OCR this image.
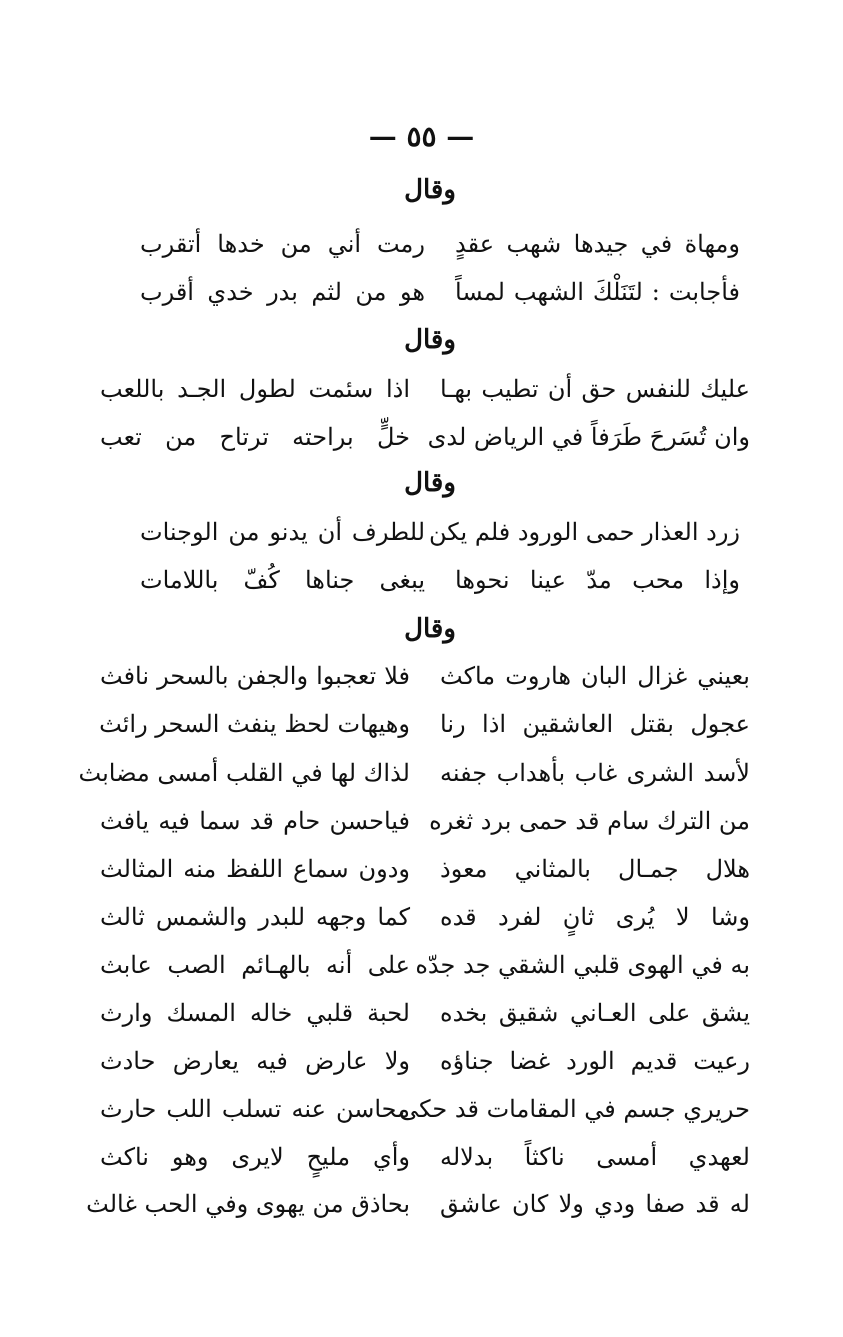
— ٥٥ —
وقال
ومهاة في جيدها شهب عقدٍ
رمت أني من خدها أتقرب
فأجابت : لتَنَلْكَ الشهب لمساً
هو من لثم بدر خدي أقرب
وقال
عليك للنفس حق أن تطيب بهـا
اذا سئمت لطول الجـد باللعب
وان تُسَرحَ طَرَفاً في الرياض لدى
خلٍّ براحته ترتاح من تعب
وقال
زرد العذار حمى الورود فلم يكن
للطرف أن يدنو من الوجنات
وإذا محب مدّ عينا نحوها
يبغى جناها كُفّ باللامات
وقال
بعيني غزال البان هاروت ماكث
فلا تعجبوا والجفن بالسحر نافث
عجول بقتل العاشقين اذا رنا
وهيهات لحظ ينفث السحر رائث
لأسد الشرى غاب بأهداب جفنه
لذاك لها في القلب أمسى مضابث
من الترك سام قد حمى برد ثغره
فياحسن حام قد سما فيه يافث
هلال جمـال بالمثاني معوذ
ودون سماع اللفظ منه المثالث
وشا لا يُرى ثانٍ لفرد قده
كما وجهه للبدر والشمس ثالث
به في الهوى قلبي الشقي جد جدّه
على أنه بالهـائم الصب عابث
يشق على العـاني شقيق بخده
لحبة قلبي خاله المسك وارث
رعيت قديم الورد غضا جناؤه
ولا عارض فيه يعارض حادث
حريري جسم في المقامات قد حكى
محاسن عنه تسلب اللب حارث
لعهدي أمسى ناكثاً بدلاله
وأي مليحٍ لايرى وهو ناكث
له قد صفا ودي ولا كان عاشق
بحاذق من يهوى وفي الحب غالث
